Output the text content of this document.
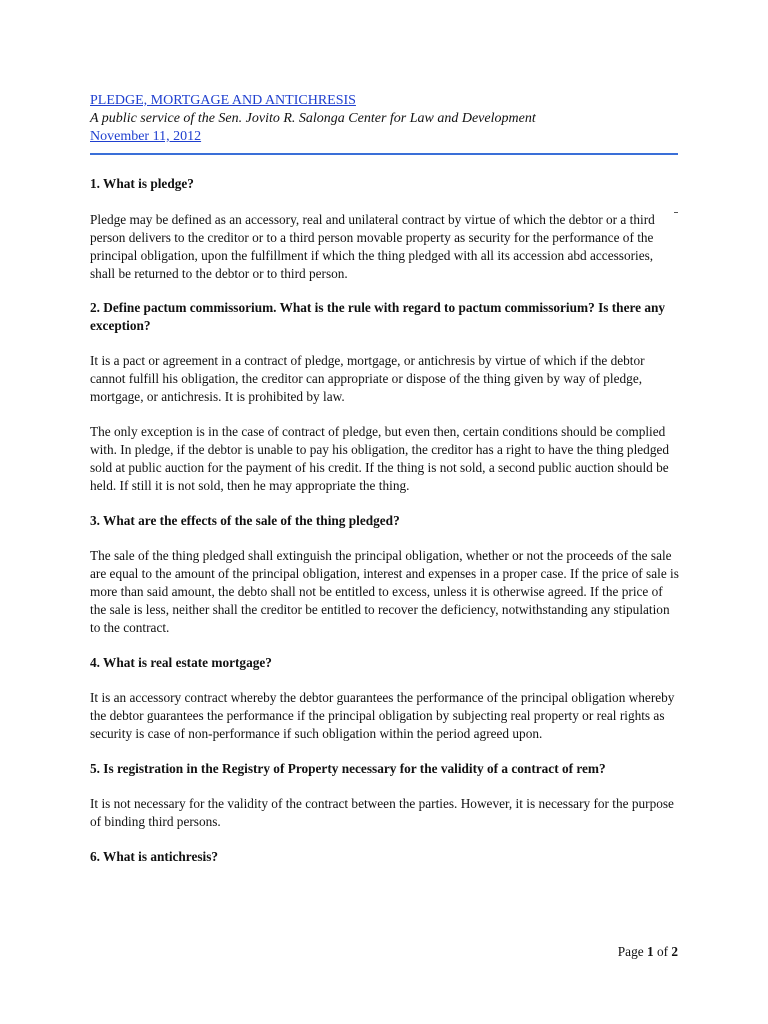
PLEDGE, MORTGAGE AND ANTICHRESIS
A public service of the Sen. Jovito R. Salonga Center for Law and Development
November 11, 2012

1. What is pledge?

Pledge may be defined as an accessory, real and unilateral contract by virtue of which the debtor or a third person delivers to the creditor or to a third person movable property as security for the performance of the principal obligation, upon the fulfillment if which the thing pledged with all its accession abd accessories, shall be returned to the debtor or to third person.

2. Define pactum commissorium. What is the rule with regard to pactum commissorium? Is there any exception?

It is a pact or agreement in a contract of pledge, mortgage, or antichresis by virtue of which if the debtor cannot fulfill his obligation, the creditor can appropriate or dispose of the thing given by way of pledge, mortgage, or antichresis. It is prohibited by law.

The only exception is in the case of contract of pledge, but even then, certain conditions should be complied with. In pledge, if the debtor is unable to pay his obligation, the creditor has a right to have the thing pledged sold at public auction for the payment of his credit. If the thing is not sold, a second public auction should be held. If still it is not sold, then he may appropriate the thing.

3. What are the effects of the sale of the thing pledged?

The sale of the thing pledged shall extinguish the principal obligation, whether or not the proceeds of the sale are equal to the amount of the principal obligation, interest and expenses in a proper case. If the price of sale is more than said amount, the debto shall not be entitled to excess, unless it is otherwise agreed. If the price of the sale is less, neither shall the creditor be entitled to recover the deficiency, notwithstanding any stipulation to the contract.

4. What is real estate mortgage?

It is an accessory contract whereby the debtor guarantees the performance of the principal obligation whereby the debtor guarantees the performance if the principal obligation by subjecting real property or real rights as security is case of non-performance if such obligation within the period agreed upon.

5. Is registration in the Registry of Property necessary for the validity of a contract of rem?

It is not necessary for the validity of the contract between the parties. However, it is necessary for the purpose of binding third persons.

6. What is antichresis?

Page 1 of 2
